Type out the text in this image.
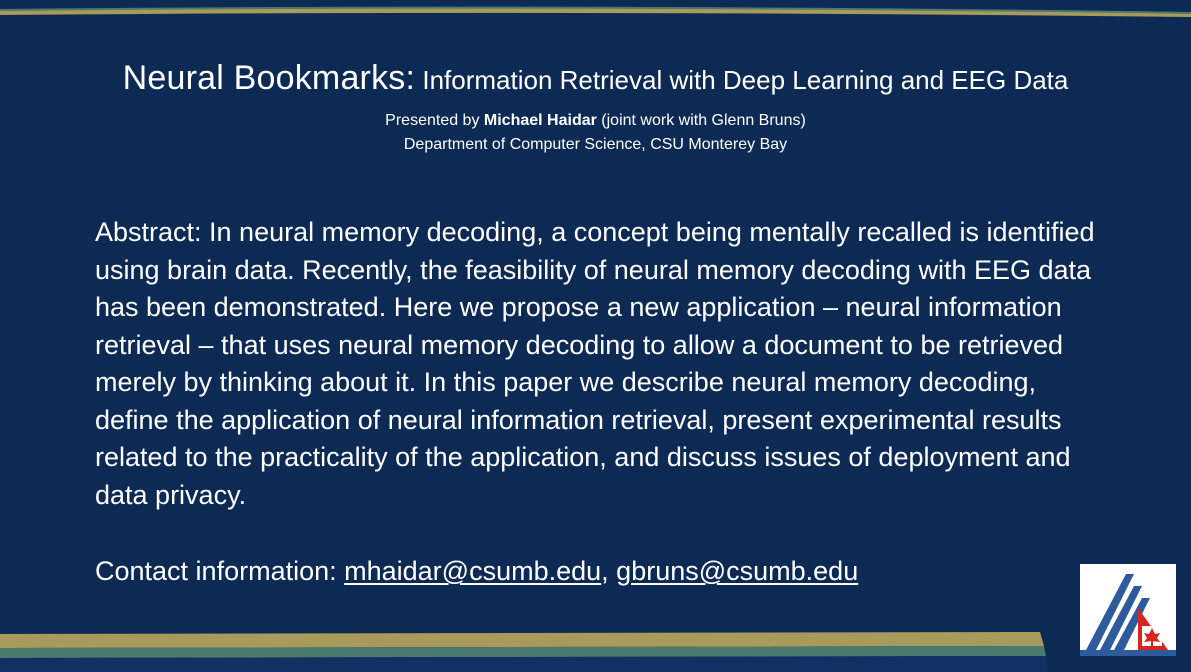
Neural Bookmarks: Information Retrieval with Deep Learning and EEG Data
Presented by Michael Haidar (joint work with Glenn Bruns)
Department of Computer Science, CSU Monterey Bay

Abstract: In neural memory decoding, a concept being mentally recalled is identified using brain data. Recently, the feasibility of neural memory decoding with EEG data has been demonstrated. Here we propose a new application – neural information retrieval – that uses neural memory decoding to allow a document to be retrieved merely by thinking about it. In this paper we describe neural memory decoding, define the application of neural information retrieval, present experimental results related to the practicality of the application, and discuss issues of deployment and data privacy.

Contact information: mhaidar@csumb.edu, gbruns@csumb.edu
